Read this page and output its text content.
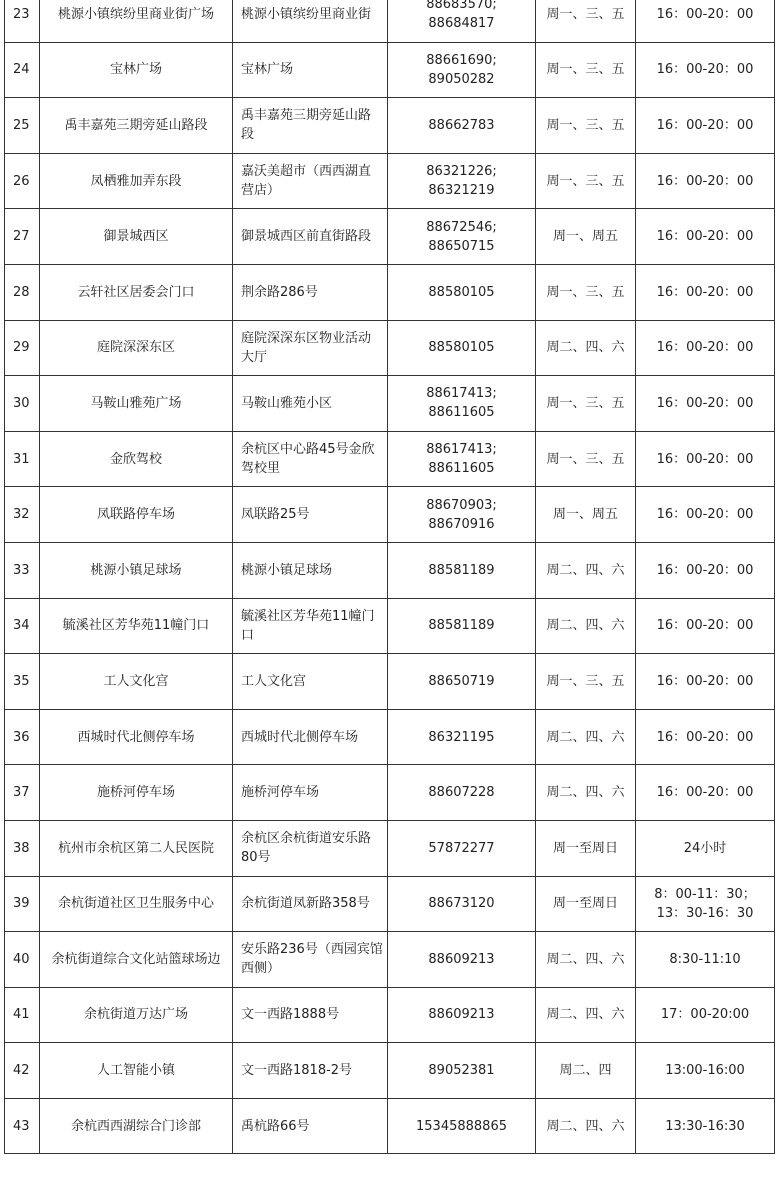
23	桃源小镇缤纷里商业街广场	桃源小镇缤纷里商业街	88683570; 88684817	周一、三、五	16：00-20：00
24	宝林广场	宝林广场	88661690; 89050282	周一、三、五	16：00-20：00
25	禹丰嘉苑三期旁延山路段	禹丰嘉苑三期旁延山路段	88662783	周一、三、五	16：00-20：00
26	凤栖雅加弄东段	嘉沃美超市（西西湖直营店）	86321226; 86321219	周一、三、五	16：00-20：00
27	御景城西区	御景城西区前直街路段	88672546; 88650715	周一、周五	16：00-20：00
28	云轩社区居委会门口	荆余路286号	88580105	周一、三、五	16：00-20：00
29	庭院深深东区	庭院深深东区物业活动大厅	88580105	周二、四、六	16：00-20：00
30	马鞍山雅苑广场	马鞍山雅苑小区	88617413; 88611605	周一、三、五	16：00-20：00
31	金欣驾校	余杭区中心路45号金欣驾校里	88617413; 88611605	周一、三、五	16：00-20：00
32	凤联路停车场	凤联路25号	88670903; 88670916	周一、周五	16：00-20：00
33	桃源小镇足球场	桃源小镇足球场	88581189	周二、四、六	16：00-20：00
34	毓溪社区芳华苑11幢门口	毓溪社区芳华苑11幢门口	88581189	周二、四、六	16：00-20：00
35	工人文化宫	工人文化宫	88650719	周一、三、五	16：00-20：00
36	西城时代北侧停车场	西城时代北侧停车场	86321195	周二、四、六	16：00-20：00
37	施桥河停车场	施桥河停车场	88607228	周二、四、六	16：00-20：00
38	杭州市余杭区第二人民医院	余杭区余杭街道安乐路80号	57872277	周一至周日	24小时
39	余杭街道社区卫生服务中心	余杭街道凤新路358号	88673120	周一至周日	8：00-11：30；13：30-16：30
40	余杭街道综合文化站篮球场边	安乐路236号（西园宾馆西侧）	88609213	周二、四、六	8:30-11:10
41	余杭街道万达广场	文一西路1888号	88609213	周二、四、六	17：00-20:00
42	人工智能小镇	文一西路1818-2号	89052381	周二、四	13:00-16:00
43	余杭西西湖综合门诊部	禹杭路66号	15345888865	周二、四、六	13:30-16:30
